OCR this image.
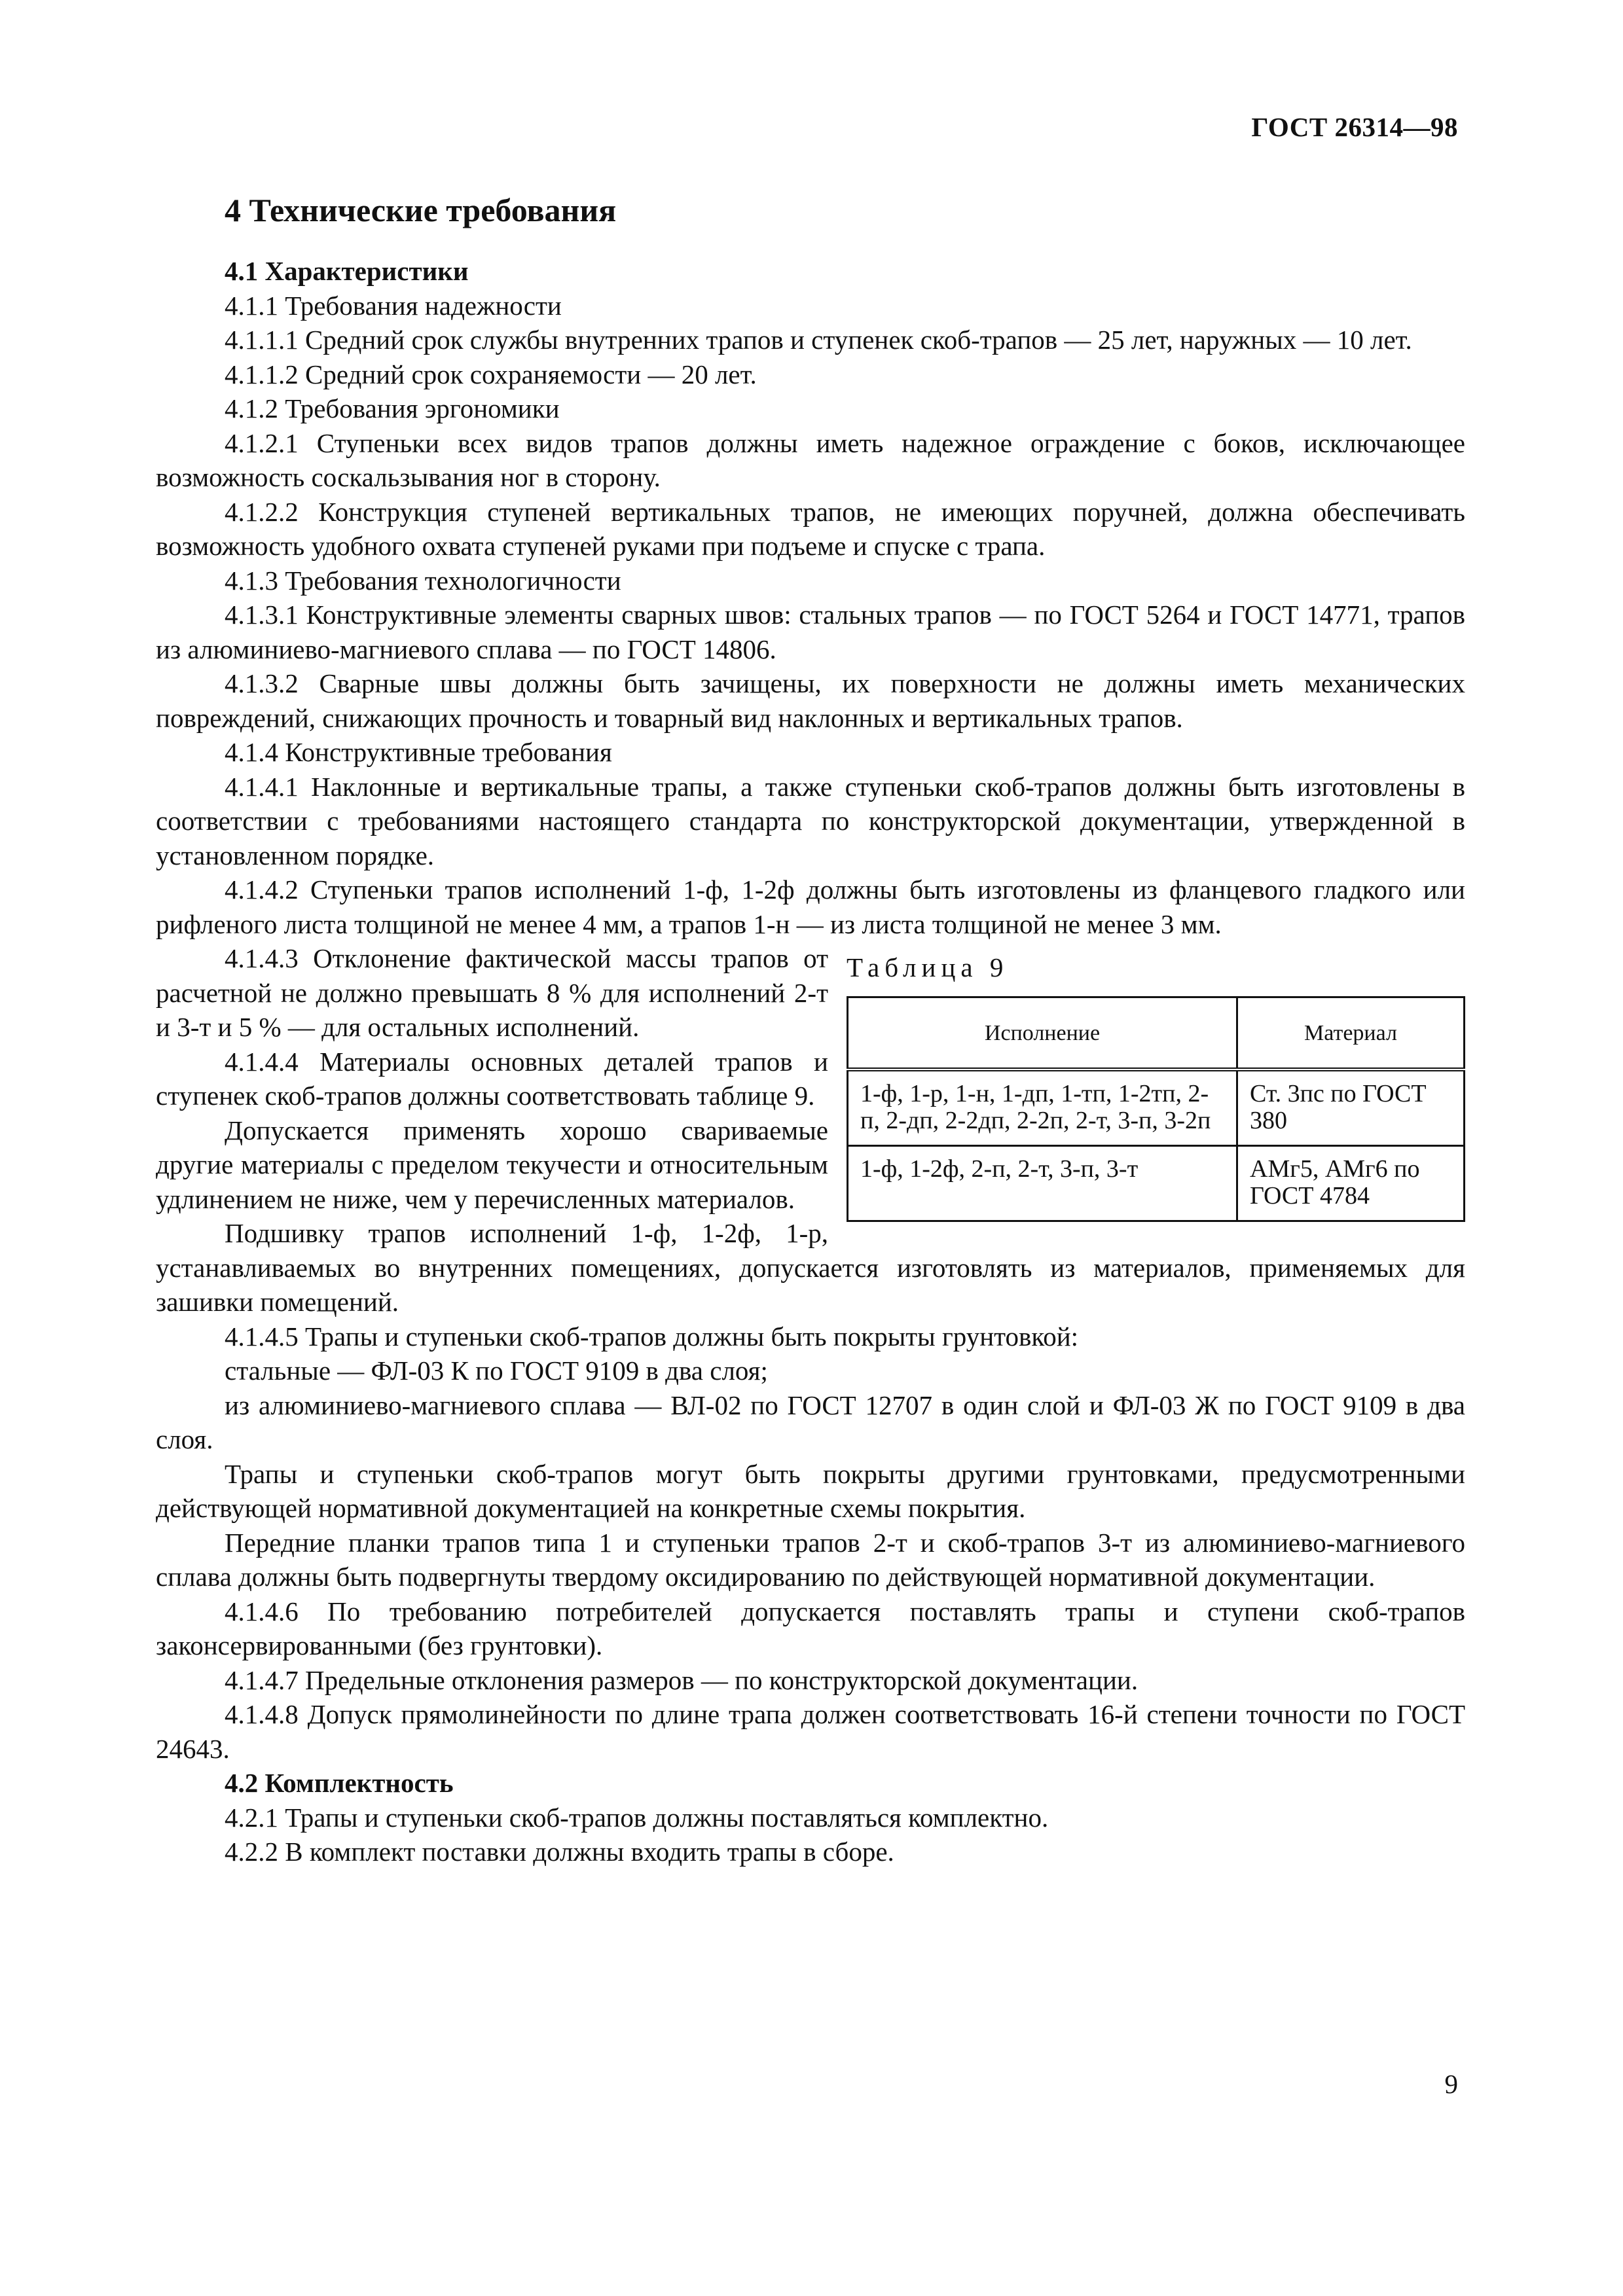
ГОСТ 26314—98
4 Технические требования

4.1 Характеристики

4.1.1 Требования надежности

4.1.1.1 Средний срок службы внутренних трапов и ступенек скоб-трапов — 25 лет, наружных — 10 лет.

4.1.1.2 Средний срок сохраняемости — 20 лет.

4.1.2 Требования эргономики

4.1.2.1 Ступеньки всех видов трапов должны иметь надежное ограждение с боков, исключающее возможность соскальзывания ног в сторону.

4.1.2.2 Конструкция ступеней вертикальных трапов, не имеющих поручней, должна обеспечивать возможность удобного охвата ступеней руками при подъеме и спуске с трапа.

4.1.3 Требования технологичности

4.1.3.1 Конструктивные элементы сварных швов: стальных трапов — по ГОСТ 5264 и ГОСТ 14771, трапов из алюминиево-магниевого сплава — по ГОСТ 14806.

4.1.3.2 Сварные швы должны быть зачищены, их поверхности не должны иметь механических повреждений, снижающих прочность и товарный вид наклонных и вертикальных трапов.

4.1.4 Конструктивные требования

4.1.4.1 Наклонные и вертикальные трапы, а также ступеньки скоб-трапов должны быть изготовлены в соответствии с требованиями настоящего стандарта по конструкторской документации, утвержденной в установленном порядке.

4.1.4.2 Ступеньки трапов исполнений 1-ф, 1-2ф должны быть изготовлены из фланцевого гладкого или рифленого листа толщиной не менее 4 мм, а трапов 1-н — из листа толщиной не менее 3 мм.

Таблица 9
Исполнение	Материал
1-ф, 1-р, 1-н, 1-дп, 1-тп, 1-2тп, 2-п, 2-дп, 2-2дп, 2-2п, 2-т, 3-п, 3-2п	Ст. 3пс по ГОСТ 380
1-ф, 1-2ф, 2-п, 2-т, 3-п, 3-т	АМг5, АМг6 по ГОСТ 4784

4.1.4.3 Отклонение фактической массы трапов от расчетной не должно превышать 8 % для исполнений 2-т и 3-т и 5 % — для остальных исполнений.

4.1.4.4 Материалы основных деталей трапов и ступенек скоб-трапов должны соответствовать таблице 9.

Допускается применять хорошо свариваемые другие материалы с пределом текучести и относительным удлинением не ниже, чем у перечисленных материалов.

Подшивку трапов исполнений 1-ф, 1-2ф, 1-р, устанавливаемых во внутренних помещениях, допускается изготовлять из материалов, применяемых для зашивки помещений.

4.1.4.5 Трапы и ступеньки скоб-трапов должны быть покрыты грунтовкой:

стальные — ФЛ-03 К по ГОСТ 9109 в два слоя;

из алюминиево-магниевого сплава — ВЛ-02 по ГОСТ 12707 в один слой и ФЛ-03 Ж по ГОСТ 9109 в два слоя.

Трапы и ступеньки скоб-трапов могут быть покрыты другими грунтовками, предусмотренными действующей нормативной документацией на конкретные схемы покрытия.

Передние планки трапов типа 1 и ступеньки трапов 2-т и скоб-трапов 3-т из алюминиево-магниевого сплава должны быть подвергнуты твердому оксидированию по действующей нормативной документации.

4.1.4.6 По требованию потребителей допускается поставлять трапы и ступени скоб-трапов законсервированными (без грунтовки).

4.1.4.7 Предельные отклонения размеров — по конструкторской документации.

4.1.4.8 Допуск прямолинейности по длине трапа должен соответствовать 16-й степени точности по ГОСТ 24643.

4.2 Комплектность

4.2.1 Трапы и ступеньки скоб-трапов должны поставляться комплектно.

4.2.2 В комплект поставки должны входить трапы в сборе.

9
